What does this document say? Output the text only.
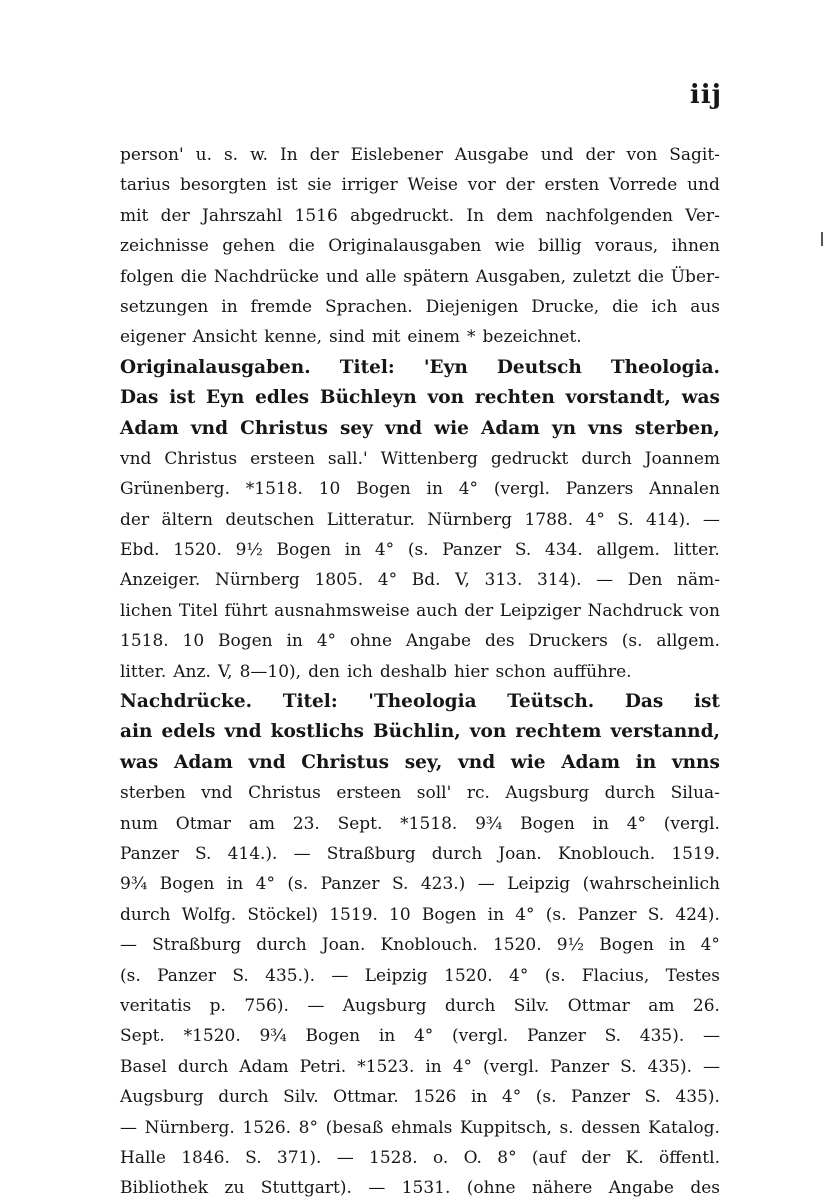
iij
person' u. s. w. In der Eislebener Ausgabe und der von Sagit-
tarius besorgten ist sie irriger Weise vor der ersten Vorrede und
mit der Jahrszahl 1516 abgedruckt. In dem nachfolgenden Ver-
zeichnisse gehen die Originalausgaben wie billig voraus, ihnen
folgen die Nachdrücke und alle spätern Ausgaben, zuletzt die Über-
setzungen in fremde Sprachen. Diejenigen Drucke, die ich aus
eigener Ansicht kenne, sind mit einem * bezeichnet.
Originalausgaben. Titel: 'Eyn Deutsch Theologia.
Das ist Eyn edles Büchleyn von rechten vorstandt, was
Adam vnd Christus sey vnd wie Adam yn vns sterben,
vnd Christus ersteen sall.' Wittenberg gedruckt durch Joannem
Grünenberg. *1518. 10 Bogen in 4° (vergl. Panzers Annalen
der ältern deutschen Litteratur. Nürnberg 1788. 4° S. 414). —
Ebd. 1520. 9½ Bogen in 4° (s. Panzer S. 434. allgem. litter.
Anzeiger. Nürnberg 1805. 4° Bd. V, 313. 314). — Den näm-
lichen Titel führt ausnahmsweise auch der Leipziger Nachdruck von
1518. 10 Bogen in 4° ohne Angabe des Druckers (s. allgem.
litter. Anz. V, 8—10), den ich deshalb hier schon aufführe.
Nachdrücke. Titel: 'Theologia Teütsch. Das ist
ain edels vnd kostlichs Büchlin, von rechtem verstannd,
was Adam vnd Christus sey, vnd wie Adam in vnns
sterben vnd Christus ersteen soll' rc. Augsburg durch Silua-
num Otmar am 23. Sept. *1518. 9¾ Bogen in 4° (vergl.
Panzer S. 414.). — Straßburg durch Joan. Knoblouch. 1519.
9¾ Bogen in 4° (s. Panzer S. 423.) — Leipzig (wahrscheinlich
durch Wolfg. Stöckel) 1519. 10 Bogen in 4° (s. Panzer S. 424).
— Straßburg durch Joan. Knoblouch. 1520. 9½ Bogen in 4°
(s. Panzer S. 435.). — Leipzig 1520. 4° (s. Flacius, Testes
veritatis p. 756). — Augsburg durch Silv. Ottmar am 26.
Sept. *1520. 9¾ Bogen in 4° (vergl. Panzer S. 435). —
Basel durch Adam Petri. *1523. in 4° (vergl. Panzer S. 435). —
Augsburg durch Silv. Ottmar. 1526 in 4° (s. Panzer S. 435).
— Nürnberg. 1526. 8° (besaß ehmals Kuppitsch, s. dessen Katalog.
Halle 1846. S. 371). — 1528. o. O. 8° (auf der K. öffentl.
Bibliothek zu Stuttgart). — 1531. (ohne nähere Angabe des
